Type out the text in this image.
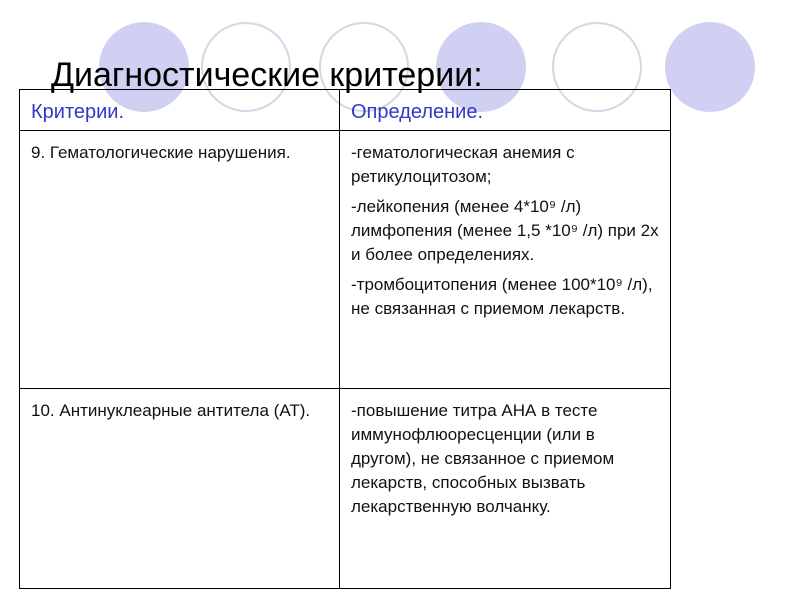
Диагностические критерии:
Критерии.	Определение.
9. Гематологические нарушения.	-гематологическая анемия с ретикулоцитозом;

-лейкопения (менее 4*10⁹ /л) лимфопения (менее 1,5 *10⁹ /л) при 2х и более определениях.

-тромбоцитопения (менее 100*10⁹ /л), не связанная с приемом лекарств.

10. Антинуклеарные антитела (АТ).	-повышение титра АНА в тесте иммунофлюоресценции (или в другом), не связанное с приемом лекарств, способных вызвать лекарственную волчанку.
